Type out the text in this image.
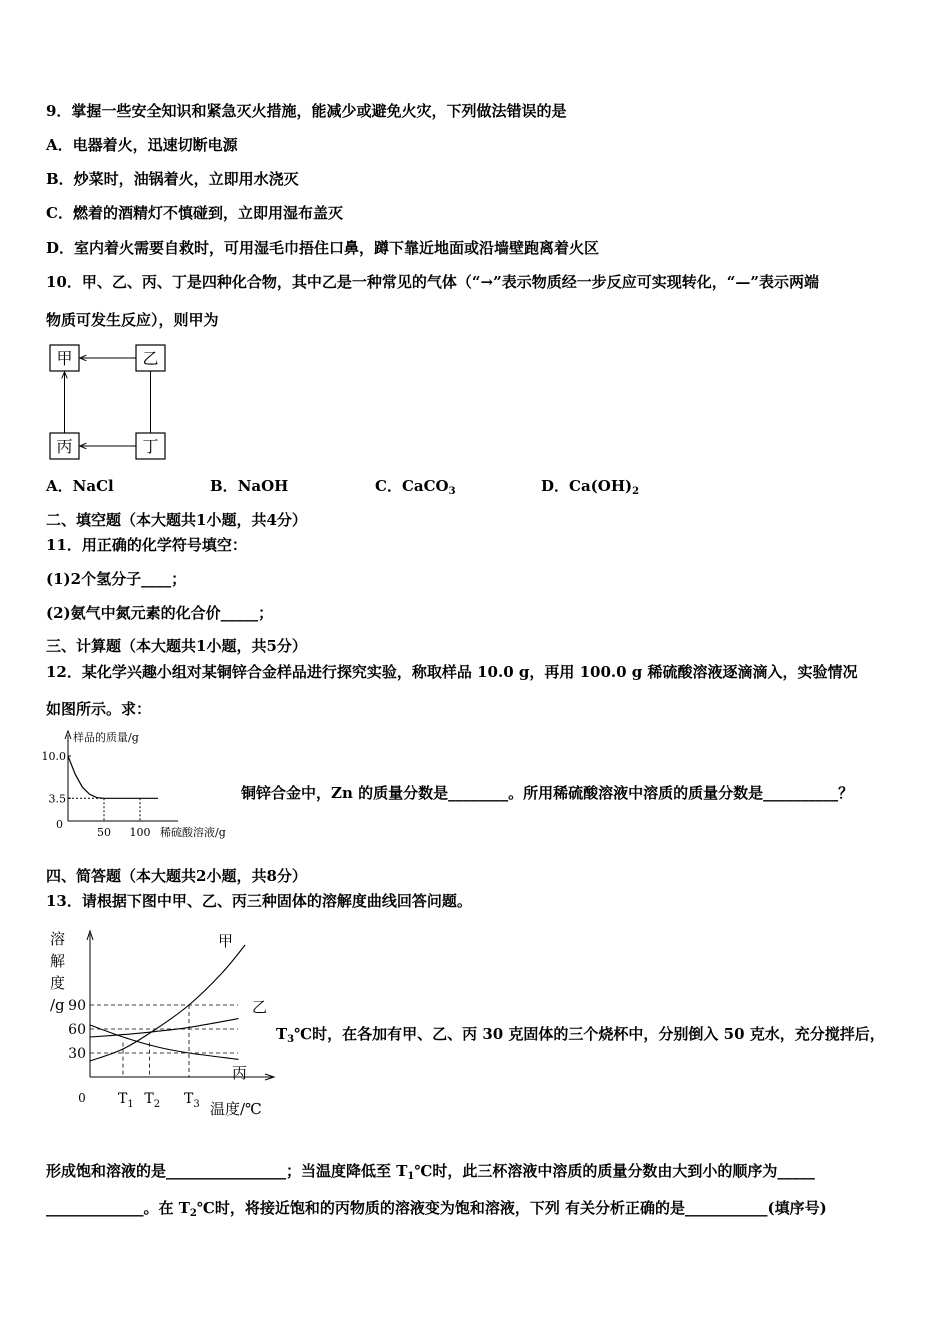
9．掌握一些安全知识和紧急灭火措施，能减少或避免火灾，下列做法错误的是
A．电器着火，迅速切断电源
B．炒菜时，油锅着火，立即用水浇灭
C．燃着的酒精灯不慎碰到，立即用湿布盖灭
D．室内着火需要自救时，可用湿毛巾捂住口鼻，蹲下靠近地面或沿墙壁跑离着火区
10．甲、乙、丙、丁是四种化合物，其中乙是一种常见的气体（“→”表示物质经一步反应可实现转化，“—”表示两端
物质可发生反应），则甲为
甲	乙
丙	丁
A．NaCl	B．NaOH	C．CaCO$_3$	D．$Ca(OH)_2$
二、填空题（本大题共1小题，共4分）
11．用正确的化学符号填空：
(1)2个氢分子____；
(2)氨气中氮元素的化合价_____；
三、计算题（本大题共1小题，共5分）
12．某化学兴趣小组对某铜锌合金样品进行探究实验，称取样品 10.0 g，再用 100.0 g 稀硫酸溶液逐滴滴入，实验情况
如图所示。求：
样品的质量/g
稀硫酸溶液/g
0
10.0
3.5
50 100
铜锌合金中，Zn 的质量分数是________。所用稀硫酸溶液中溶质的质量分数是__________？
四、简答题（本大题共2小题，共8分）
13．请根据下图中甲、乙、丙三种固体的溶解度曲线回答问题。
溶
解
度
/g
温度/℃
0
30
60
90
$T_1$ $T_2$ $T_3$
甲
乙
丙
$T_3℃$时，在各加有甲、乙、丙 30 克固体的三个烧杯中，分别倒入 50 克水，充分搅拌后，
形成饱和溶液的是________________；当温度降低至 $T_1℃$时，此三杯溶液中溶质的质量分数由大到小的顺序为_____
_____________。在 $T_2℃$时，将接近饱和的丙物质的溶液变为饱和溶液，下列 有关分析正确的是___________(填序号)
